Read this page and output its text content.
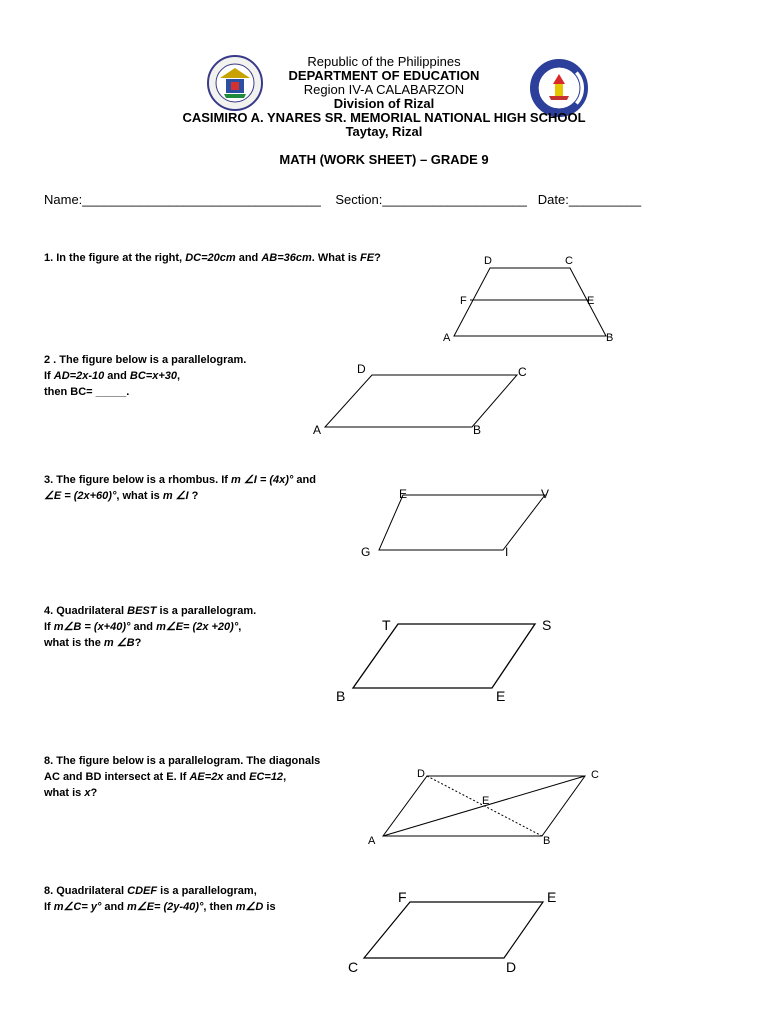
Republic of the Philippines
DEPARTMENT OF EDUCATION
Region IV-A CALABARZON
Division of Rizal
CASIMIRO A. YNARES SR. MEMORIAL NATIONAL HIGH SCHOOL
Taytay, Rizal
MATH (WORK SHEET) – GRADE 9
Name:_________________________________ Section:____________________ Date:__________
1. In the figure at the right, DC=20cm and AB=36cm. What is FE?	D	C
F	E
A	B
2 . The figure below is a parallelogram.
If AD=2x-10 and BC=x+30,
then BC= _____.
D	C
A	B
3. The figure below is a rhombus. If m ∠I = (4x)° and
∠E = (2x+60)°, what is m ∠I ?	E	V
G	I
4. Quadrilateral BEST is a parallelogram.
If m∠B = (x+40)° and m∠E= (2x +20)°,
what is the m ∠B?
T	S
B	E
8. The figure below is a parallelogram. The diagonals
AC and BD intersect at E. If AE=2x and EC=12,
what is x?
D	C
E
A	B
8. Quadrilateral CDEF is a parallelogram,
If m∠C= y° and m∠E= (2y-40)°, then m∠D is
F	E
C	D
